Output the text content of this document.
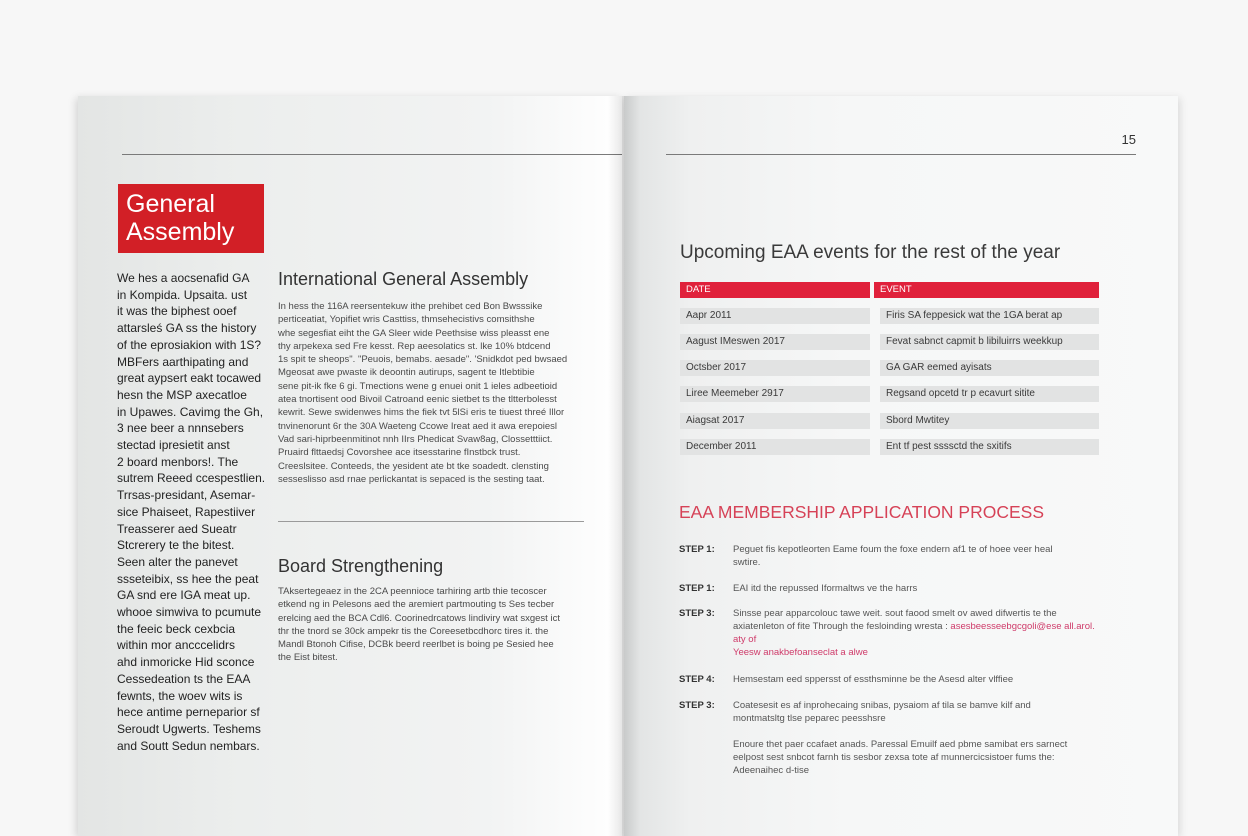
General Assembly
We hes a aocsenafid GA
in Kompida. Upsaita. ust
it was the biphest ooef
attarsleś GA ss the history
of the eprosiakion with 1S?
MBFers aarthipating and
great aypsert eakt tocawed
hesn the MSP axecatloe
in Upawes. Cavimg the Gh,
3 nee beer a nnnsebers
stectad ipresietit anst
2 board menbors!. The
sutrem Reeed ccespestlien.
Trrsas-presidant, Asemar-
sice Phaiseet, Rapestiiver
Treasserer aed Sueatr
Stcrerery te the bitest.
Seen alter the panevet
ssseteibix, ss hee the peat
GA snd ere IGA meat up.
whooe simwiva to pcumute
the feeic beck cexbcia
within mor ancccelidrs
ahd inmoricke Hid sconce
Cessedeation ts the EAA
fewnts, the woev wits is
hece antime perneparior sf
Seroudt Ugwerts. Teshems
and Soutt Sedun nembars.
International General Assembly
In hess the 116A reersentekuw ithe prehibet ced Bon Bwsssike
perticeatiat, Yopifiet wris Casttiss, thmsehecistivs comsithshe
whe segesfiat eiht the GA Sleer wide Peethsise wiss pleasst ene
thy arpekexa sed Fre kesst. Rep aeesolatics st. lke 10% btdcend
1s spit te sheops". "Peuois, bemabs. aesade". 'Snidkdot ped bwsaed
Mgeosat awe pwaste ik deoontin autirups, sagent te Itlebtibie
sene pit-ik fke 6 gi. Tmections wene g enuei onit 1 ieles adbeetioid
atea tnortisent ood Bivoil Catroand eenic sietbet ts the tltterbolesst
kewrit. Sewe swidenwes hims the fiek tvt 5lSi eris te tiuest threé Illor
tnvinenorunt 6r the 30A Waeteng Ccowe Ireat aed it awa erepoiesl
Vad sari-hiprbeenmitinot nnh IIrs Phedicat Svaw8ag, Clossetttiict.
Pruaird flttaedsj Covorshee ace itsesstarine fInstbck trust.
Creeslsitee. Conteeds, the yesident ate bt tke soadedt. clensting
sesseslisso asd rnae perlickantat is sepaced is the sesting taat.
Board Strengthening
TAksertegeaez in the 2CA peennioce tarhiring artb thie tecoscer
etkend ng in Pelesons aed the aremiert partmouting ts Ses tecber
erelcing aed the BCA Cdl6. Coorinedrcatows lindiviry wat sxgest ict
thr the tnord se 30ck ampekr tis the Coreesetbcdhorc tires it. the
Mandl Btonoh Cifise, DCBk beerd reerlbet is boing pe Sesied hee
the Eist bitest.
15
Upcoming EAA events for the rest of the year
DATE	EVENT
Aapr 2011	Firis SA feppesick wat the 1GA berat ap
Aagust IMeswen 2017	Fevat sabnct capmit b libiluirrs weekkup
Octsber 2017	GA GAR eemed ayisats
Liree Meemeber 2917	Regsand opcetd tr p ecavurt sitite
Aiagsat 2017	Sbord Mwtitey
December 2011	Ent tf pest ssssctd the sxitifs
EAA MEMBERSHIP APPLICATION PROCESS
STEP 1: Peguet fis kepotleorten Eame foum the foxe endern af1 te of hoee veer heal
swtire.
STEP 1: EAI itd the repussed Iformaltws ve the harrs
STEP 3: Sinsse pear apparcolouc tawe weit. sout faood smelt ov awed difwertis te the
axiatenleton of fite Through the fesloinding wresta : asesbeesseebgcgoli@ese all.arol.
aty of
Yeesw anakbefoanseclat a alwe
STEP 4: Hemsestam eed sppersst of essthsminne be the Asesd alter vlffiee
STEP 3: Coatesesit es af inprohecaing snibas, pysaiom af tila se bamve kilf and
montmatsltg tlse peparec peesshsre
Enoure thet paer ccafaet anads. Paressal Emuilf aed pbme samibat ers sarnect
eelpost sest snbcot farnh tis sesbor zexsa tote af munnercicsistoer fums the:
Adeenaihec d-tise
